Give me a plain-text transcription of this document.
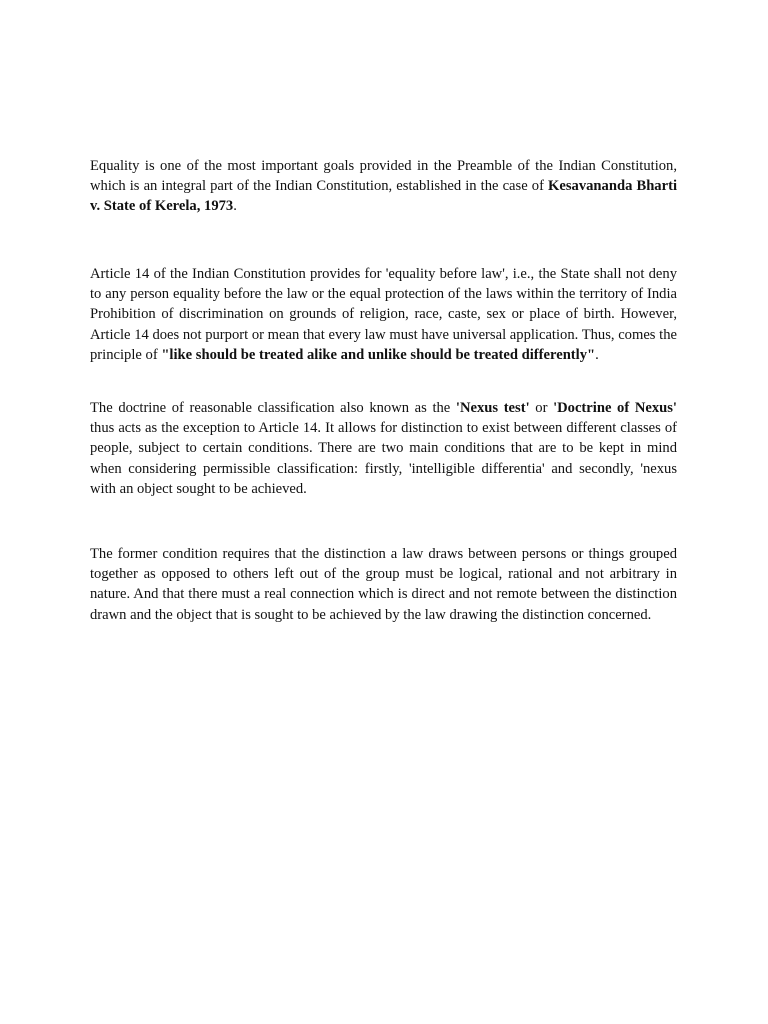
Equality is one of the most important goals provided in the Preamble of the Indian Constitution, which is an integral part of the Indian Constitution, established in the case of Kesavananda Bharti v. State of Kerela, 1973.

Article 14 of the Indian Constitution provides for 'equality before law', i.e., the State shall not deny to any person equality before the law or the equal protection of the laws within the territory of India Prohibition of discrimination on grounds of religion, race, caste, sex or place of birth. However, Article 14 does not purport or mean that every law must have universal application. Thus, comes the principle of "like should be treated alike and unlike should be treated differently".

The doctrine of reasonable classification also known as the 'Nexus test' or 'Doctrine of Nexus' thus acts as the exception to Article 14. It allows for distinction to exist between different classes of people, subject to certain conditions. There are two main conditions that are to be kept in mind when considering permissible classification: firstly, 'intelligible differentia' and secondly, 'nexus with an object sought to be achieved.

The former condition requires that the distinction a law draws between persons or things grouped together as opposed to others left out of the group must be logical, rational and not arbitrary in nature. And that there must a real connection which is direct and not remote between the distinction drawn and the object that is sought to be achieved by the law drawing the distinction concerned.
